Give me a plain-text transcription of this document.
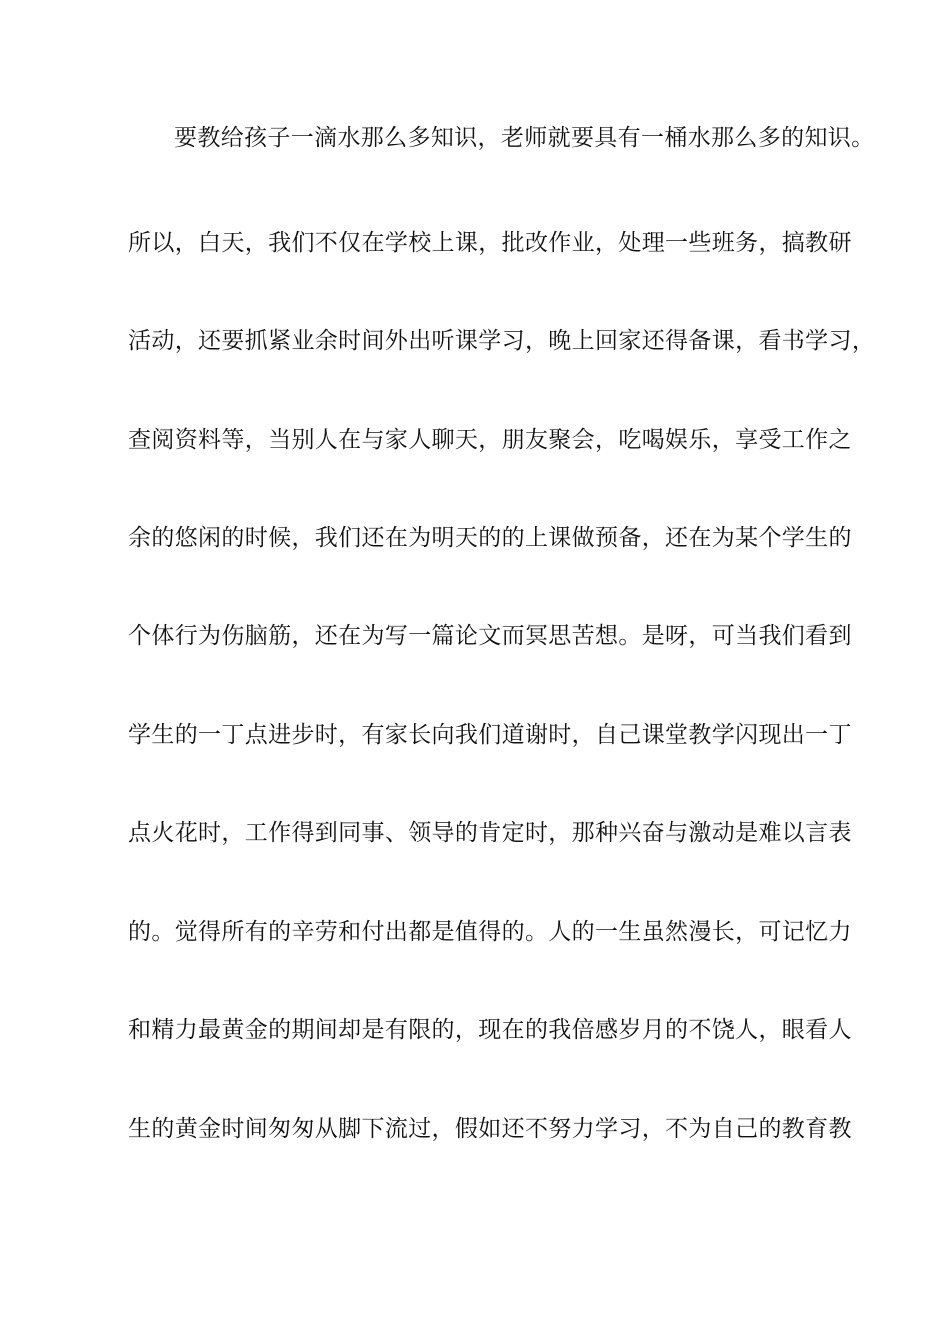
要教给孩子一滴水那么多知识，老师就要具有一桶水那么多的知识。
所以，白天，我们不仅在学校上课，批改作业，处理一些班务，搞教研
活动，还要抓紧业余时间外出听课学习，晚上回家还得备课，看书学习，
查阅资料等，当别人在与家人聊天，朋友聚会，吃喝娱乐，享受工作之
余的悠闲的时候，我们还在为明天的的上课做预备，还在为某个学生的
个体行为伤脑筋，还在为写一篇论文而冥思苦想。是呀，可当我们看到
学生的一丁点进步时，有家长向我们道谢时，自己课堂教学闪现出一丁
点火花时，工作得到同事、领导的肯定时，那种兴奋与激动是难以言表
的。觉得所有的辛劳和付出都是值得的。人的一生虽然漫长，可记忆力
和精力最黄金的期间却是有限的，现在的我倍感岁月的不饶人，眼看人
生的黄金时间匆匆从脚下流过，假如还不努力学习，不为自己的教育教
